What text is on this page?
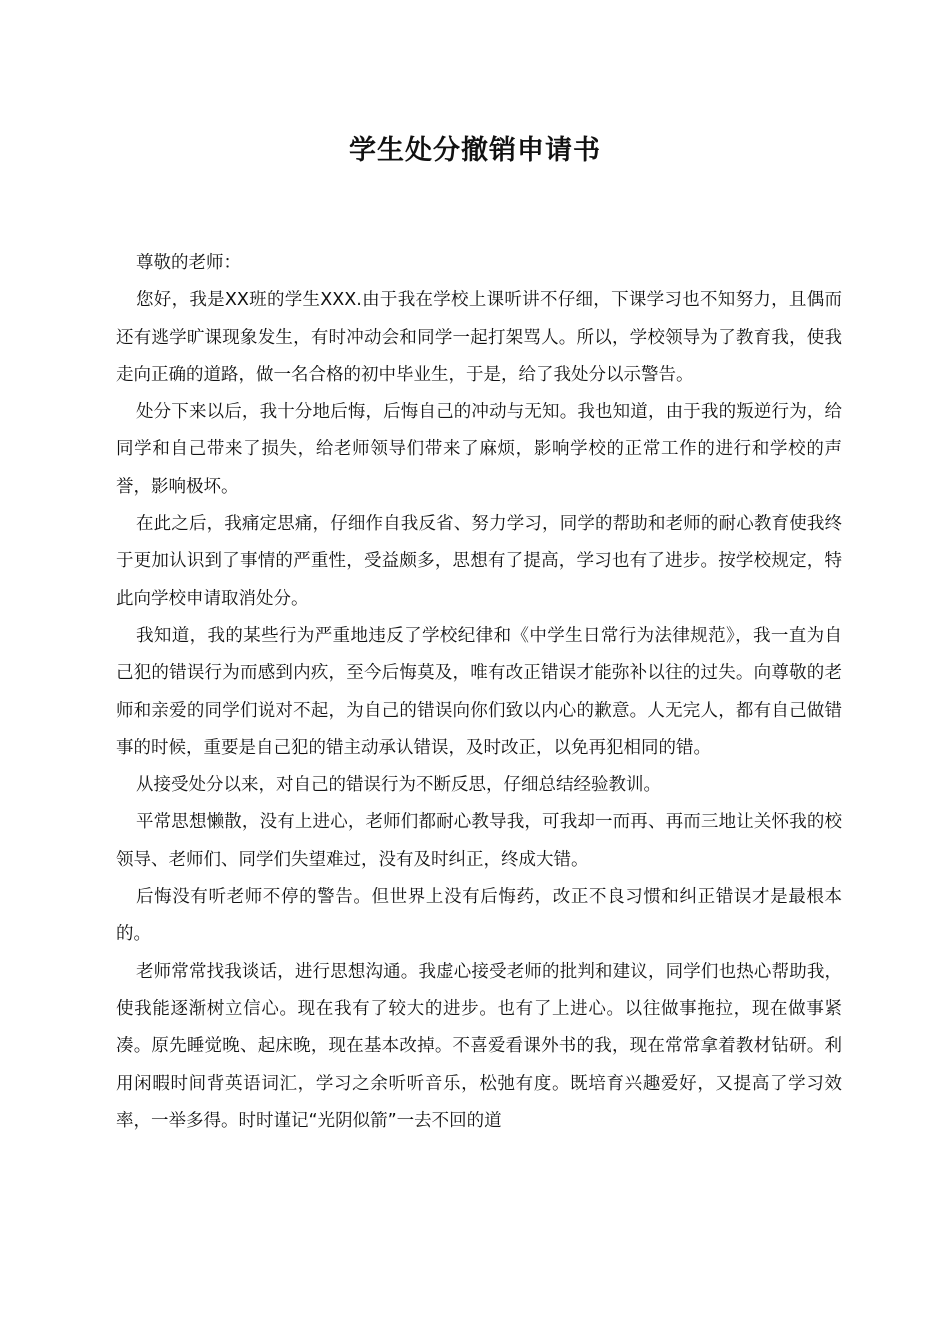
学生处分撤销申请书

尊敬的老师：

您好，我是XX班的学生XXX.由于我在学校上课听讲不仔细，下课学习也不知努力，且偶而还有逃学旷课现象发生，有时冲动会和同学一起打架骂人。所以，学校领导为了教育我，使我走向正确的道路，做一名合格的初中毕业生，于是，给了我处分以示警告。

处分下来以后，我十分地后悔，后悔自己的冲动与无知。我也知道，由于我的叛逆行为，给同学和自己带来了损失，给老师领导们带来了麻烦，影响学校的正常工作的进行和学校的声誉，影响极坏。

在此之后，我痛定思痛，仔细作自我反省、努力学习，同学的帮助和老师的耐心教育使我终于更加认识到了事情的严重性，受益颇多，思想有了提高，学习也有了进步。按学校规定，特此向学校申请取消处分。

我知道，我的某些行为严重地违反了学校纪律和《中学生日常行为法律规范》，我一直为自己犯的错误行为而感到内疚，至今后悔莫及，唯有改正错误才能弥补以往的过失。向尊敬的老师和亲爱的同学们说对不起，为自己的错误向你们致以内心的歉意。人无完人，都有自己做错事的时候，重要是自己犯的错主动承认错误，及时改正，以免再犯相同的错。

从接受处分以来，对自己的错误行为不断反思，仔细总结经验教训。

平常思想懒散，没有上进心，老师们都耐心教导我，可我却一而再、再而三地让关怀我的校领导、老师们、同学们失望难过，没有及时纠正，终成大错。

后悔没有听老师不停的警告。但世界上没有后悔药，改正不良习惯和纠正错误才是最根本的。

老师常常找我谈话，进行思想沟通。我虚心接受老师的批判和建议，同学们也热心帮助我，使我能逐渐树立信心。现在我有了较大的进步。也有了上进心。以往做事拖拉，现在做事紧凑。原先睡觉晚、起床晚，现在基本改掉。不喜爱看课外书的我，现在常常拿着教材钻研。利用闲暇时间背英语词汇，学习之余听听音乐，松弛有度。既培育兴趣爱好，又提高了学习效率，一举多得。时时谨记“光阴似箭”一去不回的道
